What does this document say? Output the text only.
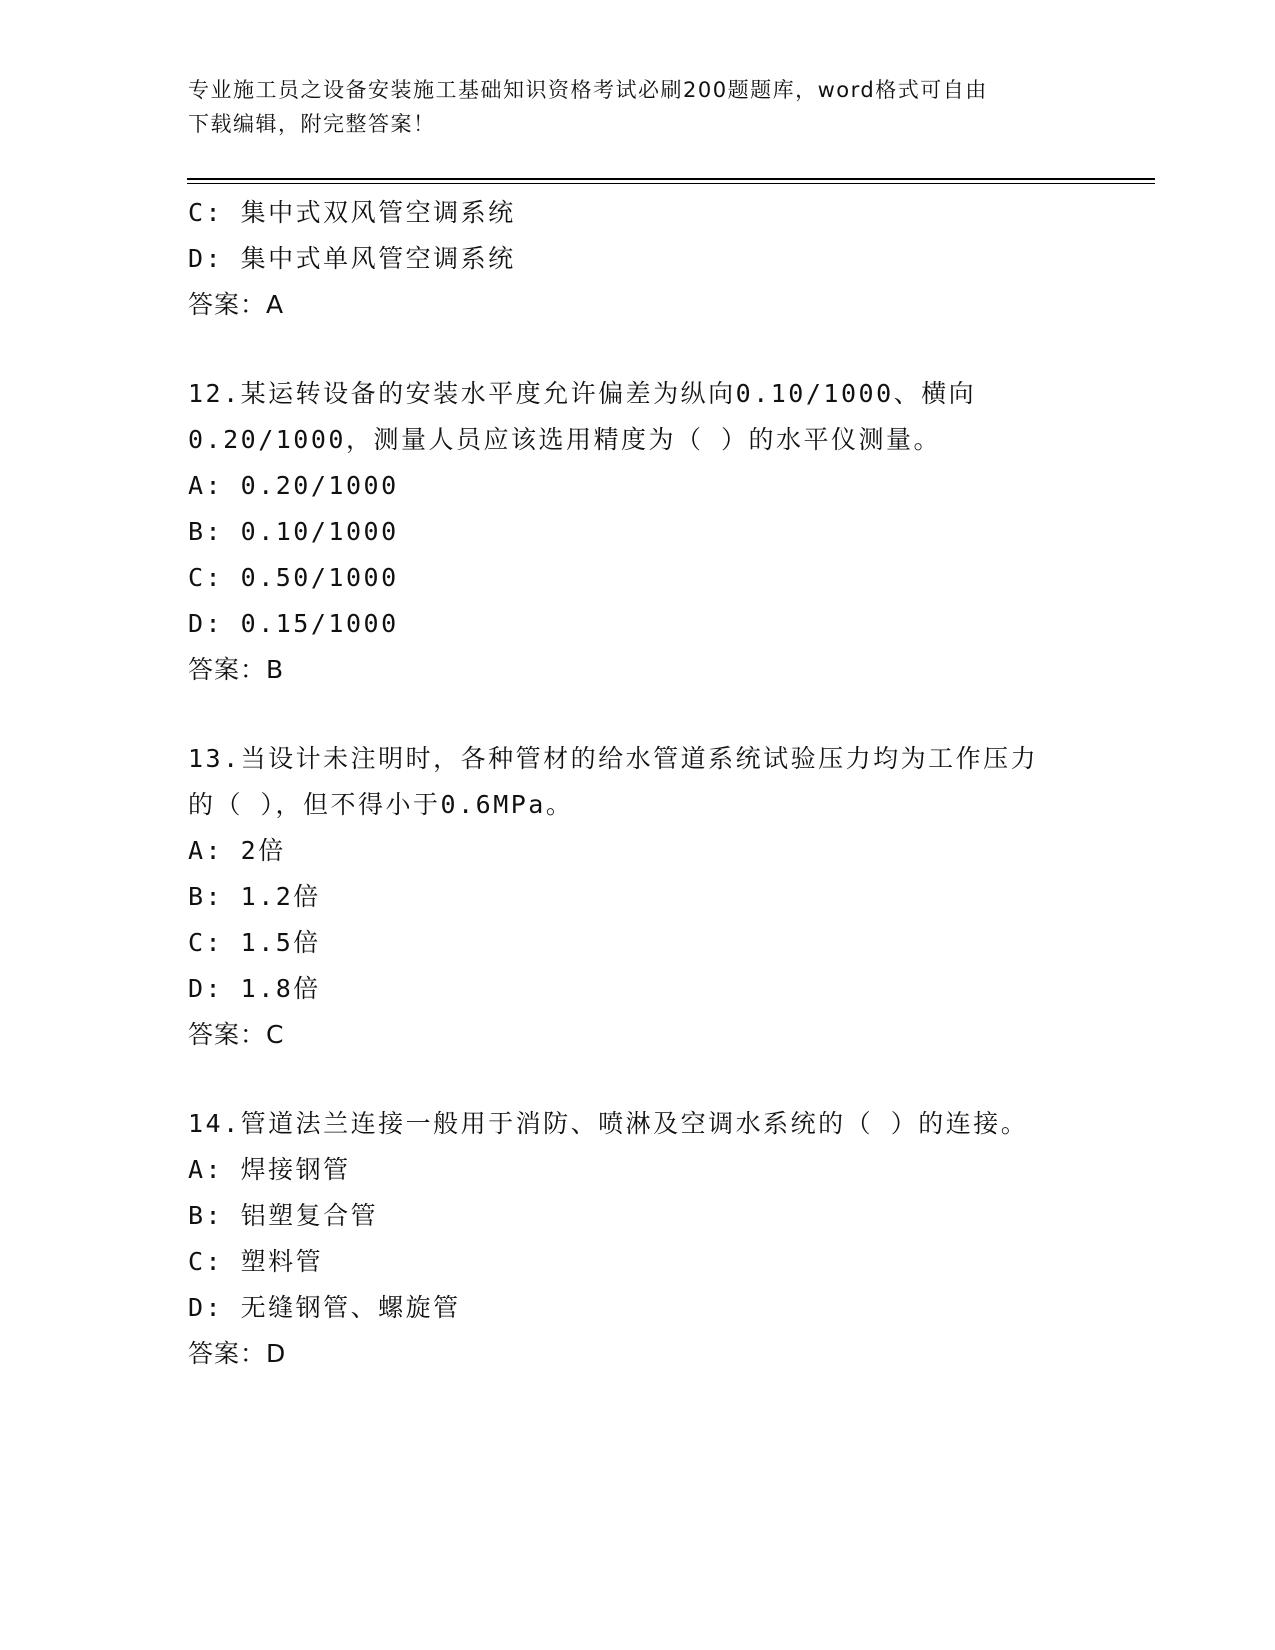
专业施工员之设备安装施工基础知识资格考试必刷200题题库，word格式可自由
下载编辑，附完整答案！
C: 集中式双风管空调系统
D: 集中式单风管空调系统
答案：A
12.某运转设备的安装水平度允许偏差为纵向0.10/1000、横向
0.20/1000，测量人员应该选用精度为（ ）的水平仪测量。
A: 0.20/1000
B: 0.10/1000
C: 0.50/1000
D: 0.15/1000
答案：B
13.当设计未注明时，各种管材的给水管道系统试验压力均为工作压力
的（ ），但不得小于0.6MPa。
A: 2倍
B: 1.2倍
C: 1.5倍
D: 1.8倍
答案：C
14.管道法兰连接一般用于消防、喷淋及空调水系统的（ ）的连接。
A: 焊接钢管
B: 铝塑复合管
C: 塑料管
D: 无缝钢管、螺旋管
答案：D
